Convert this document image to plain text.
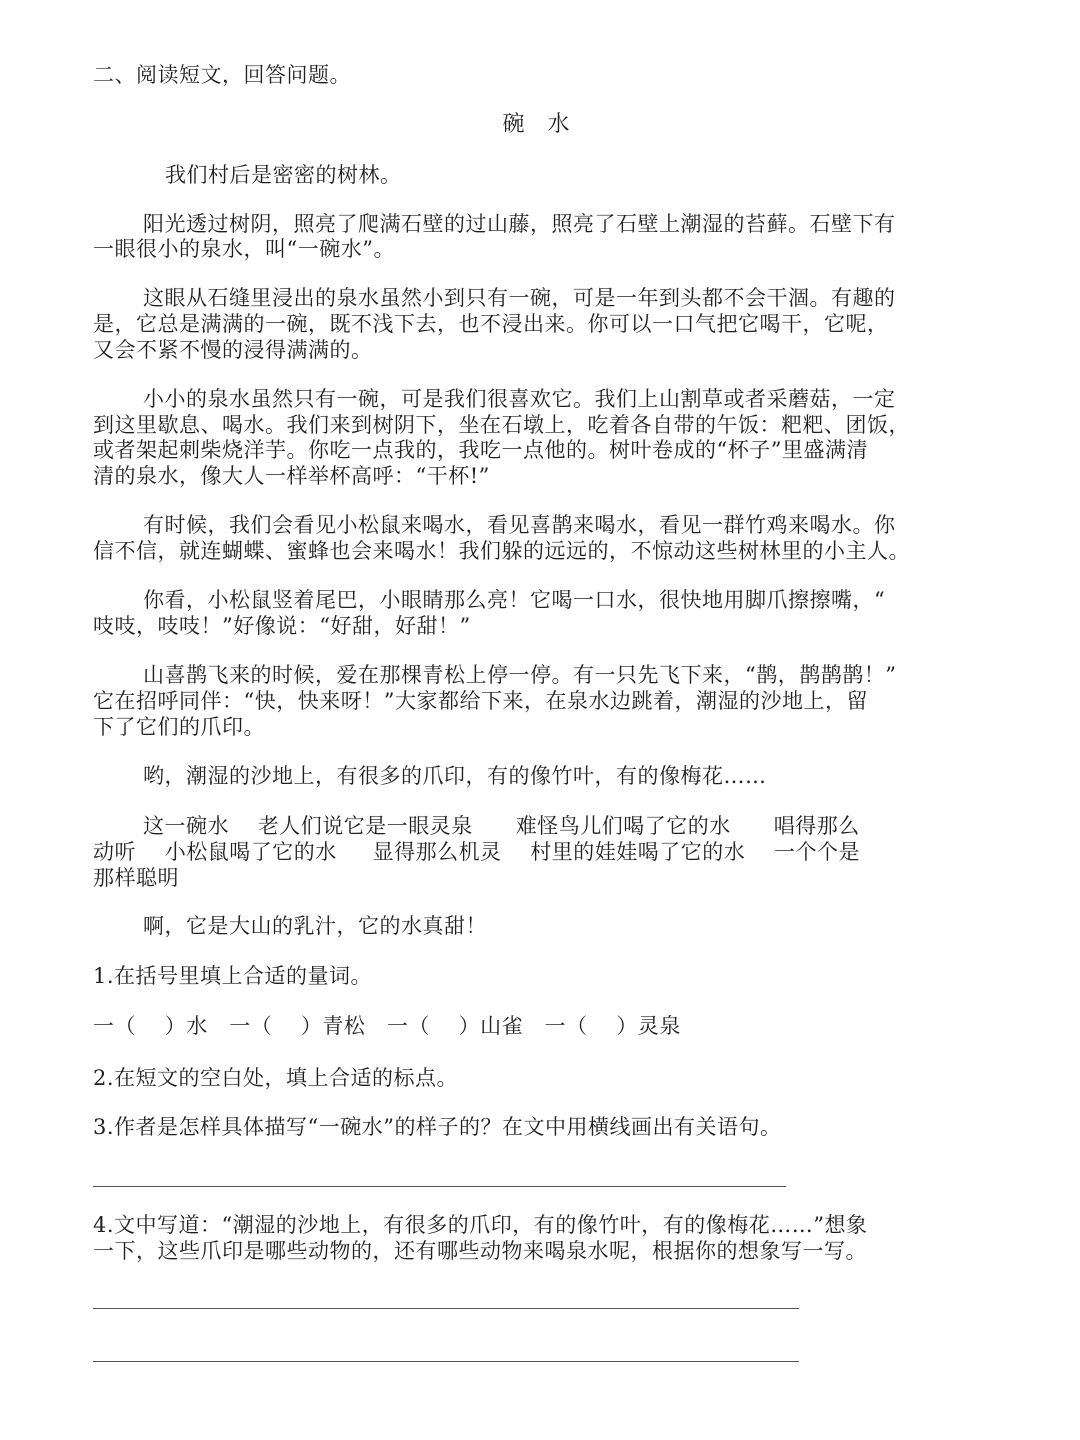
二、阅读短文，回答问题。
碗 水
我们村后是密密的树林。
阳光透过树阴，照亮了爬满石壁的过山藤，照亮了石壁上潮湿的苔藓。石壁下有
一眼很小的泉水，叫“一碗水”。
这眼从石缝里浸出的泉水虽然小到只有一碗，可是一年到头都不会干涸。有趣的
是，它总是满满的一碗，既不浅下去，也不浸出来。你可以一口气把它喝干，它呢，
又会不紧不慢的浸得满满的。
小小的泉水虽然只有一碗，可是我们很喜欢它。我们上山割草或者采蘑菇，一定
到这里歇息、喝水。我们来到树阴下，坐在石墩上，吃着各自带的午饭：粑粑、团饭，
或者架起刺柴烧洋芋。你吃一点我的，我吃一点他的。树叶卷成的“杯子”里盛满清
清的泉水，像大人一样举杯高呼：“干杯!”
有时候，我们会看见小松鼠来喝水，看见喜鹊来喝水，看见一群竹鸡来喝水。你
信不信，就连蝴蝶、蜜蜂也会来喝水！我们躲的远远的，不惊动这些树林里的小主人。
你看，小松鼠竖着尾巴，小眼睛那么亮！它喝一口水，很快地用脚爪擦擦嘴，“
吱吱，吱吱！”好像说：“好甜，好甜！”
山喜鹊飞来的时候，爱在那棵青松上停一停。有一只先飞下来，“鹊，鹊鹊鹊！”
它在招呼同伴：“快，快来呀！”大家都给下来，在泉水边跳着，潮湿的沙地上，留
下了它们的爪印。
哟，潮湿的沙地上，有很多的爪印，有的像竹叶，有的像梅花……
这一碗水    老人们说它是一眼灵泉      难怪鸟儿们喝了它的水      唱得那么
动听    小松鼠喝了它的水     显得那么机灵    村里的娃娃喝了它的水    一个个是
那样聪明
啊，它是大山的乳汁，它的水真甜！
1.在括号里填上合适的量词。
一（    ）水   一（    ）青松   一（    ）山雀   一（    ）灵泉
2.在短文的空白处，填上合适的标点。
3.作者是怎样具体描写“一碗水”的样子的？在文中用横线画出有关语句。
4.文中写道：“潮湿的沙地上，有很多的爪印，有的像竹叶，有的像梅花……”想象
一下，这些爪印是哪些动物的，还有哪些动物来喝泉水呢，根据你的想象写一写。
